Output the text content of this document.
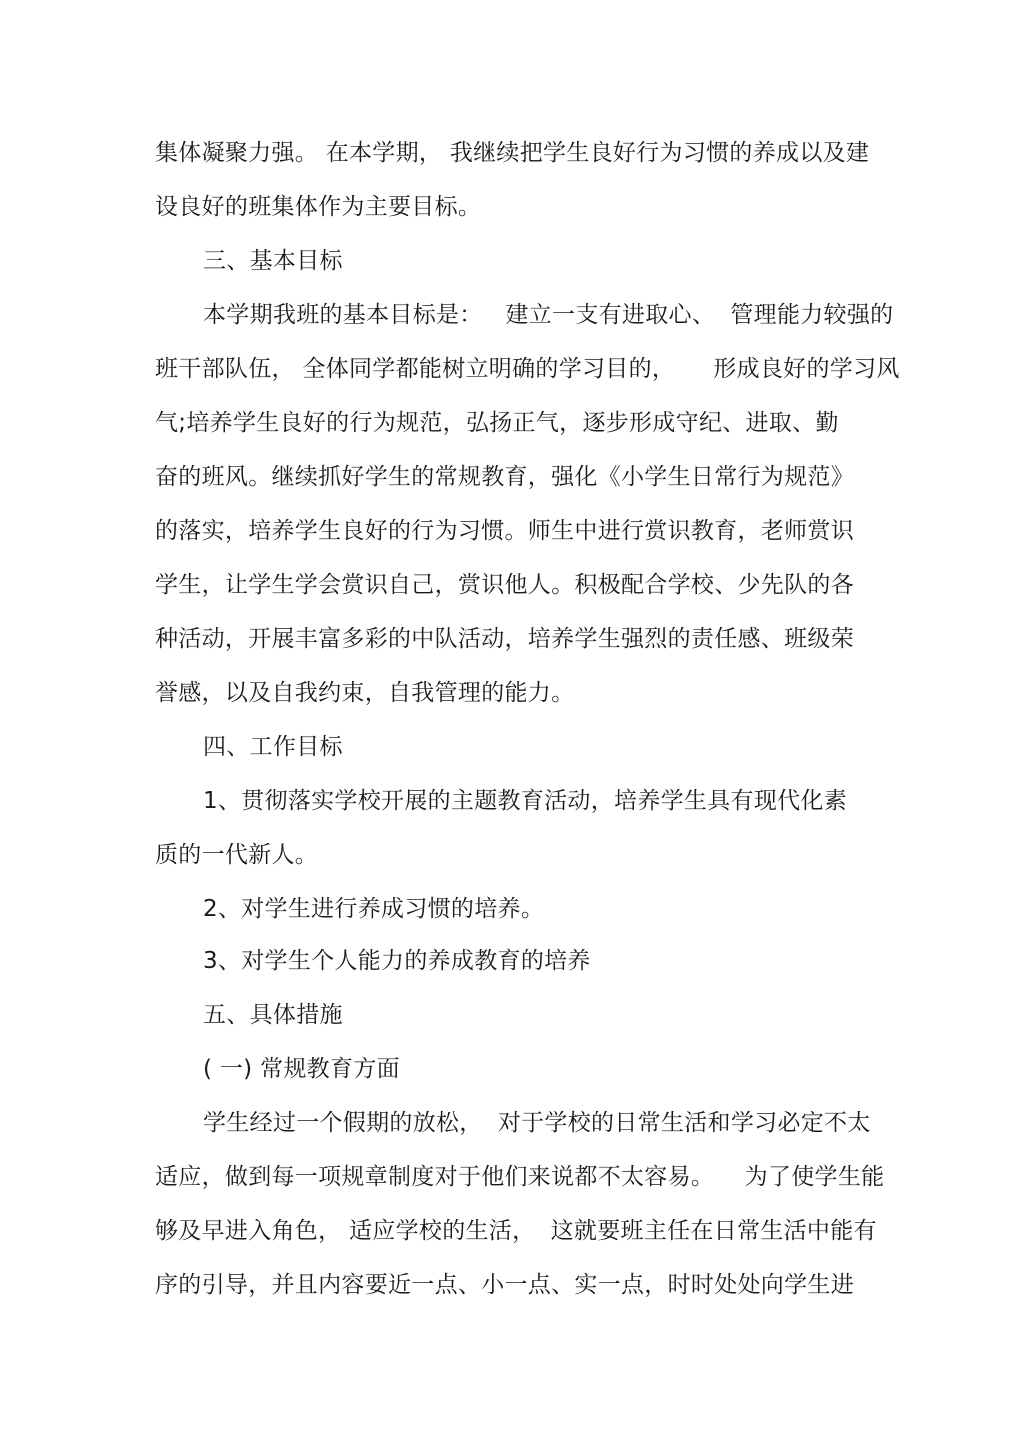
集体凝聚力强。 在本学期， 我继续把学生良好行为习惯的养成以及建
设良好的班集体作为主要目标。
三、基本目标
本学期我班的基本目标是：   建立一支有进取心、  管理能力较强的
班干部队伍， 全体同学都能树立明确的学习目的，     形成良好的学习风
气;培养学生良好的行为规范，弘扬正气，逐步形成守纪、进取、勤
奋的班风。继续抓好学生的常规教育，强化《小学生日常行为规范》
的落实，培养学生良好的行为习惯。师生中进行赏识教育，老师赏识
学生，让学生学会赏识自己，赏识他人。积极配合学校、少先队的各
种活动，开展丰富多彩的中队活动，培养学生强烈的责任感、班级荣
誉感，以及自我约束，自我管理的能力。
四、工作目标
1、贯彻落实学校开展的主题教育活动，培养学生具有现代化素
质的一代新人。
2、对学生进行养成习惯的培养。
3、对学生个人能力的养成教育的培养
五、具体措施
( 一) 常规教育方面
学生经过一个假期的放松，  对于学校的日常生活和学习必定不太
适应，做到每一项规章制度对于他们来说都不太容易。    为了使学生能
够及早进入角色， 适应学校的生活，  这就要班主任在日常生活中能有
序的引导，并且内容要近一点、小一点、实一点，时时处处向学生进
